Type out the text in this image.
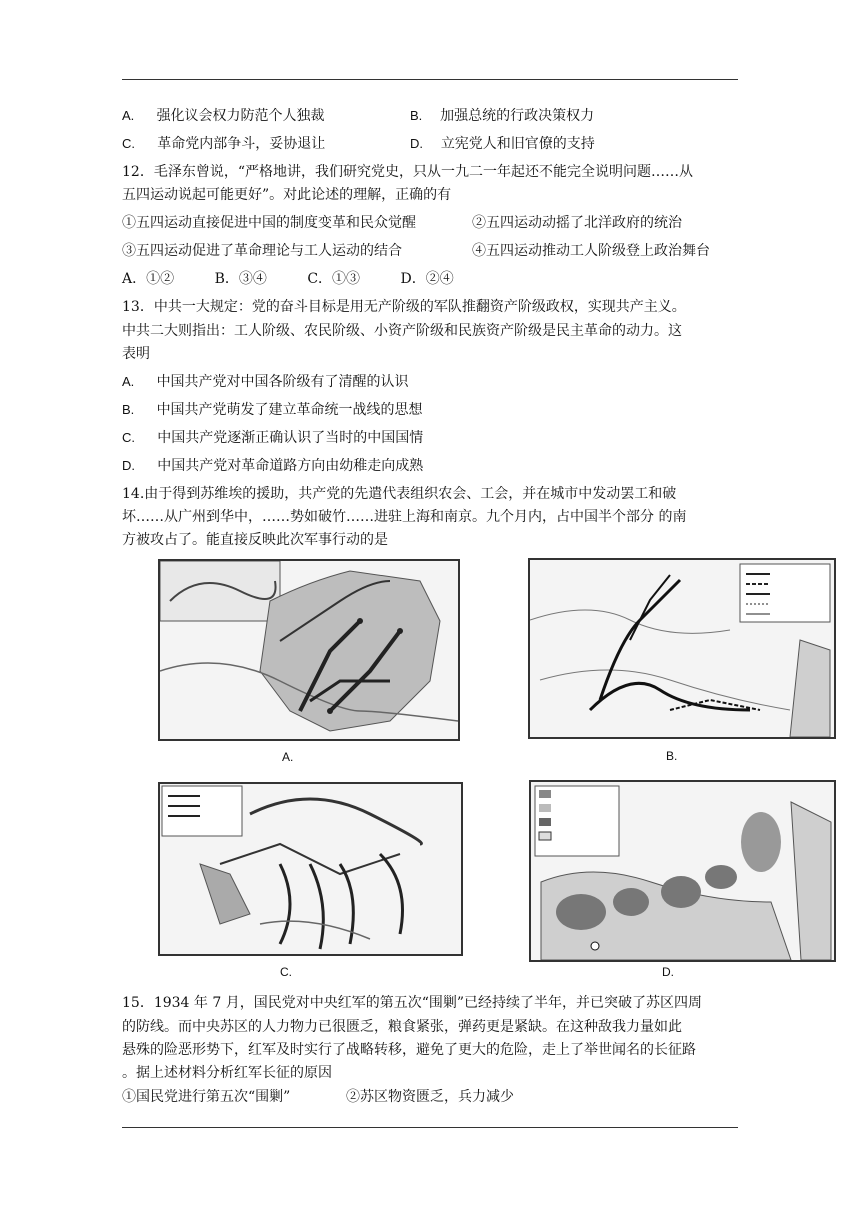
A. 强化议会权力防范个人独裁	B. 加强总统的行政决策权力
C. 革命党内部争斗，妥协退让	D. 立宪党人和旧官僚的支持
12．毛泽东曾说，“严格地讲，我们研究党史，只从一九二一年起还不能完全说明问题……从
五四运动说起可能更好”。对此论述的理解，正确的有
①五四运动直接促进中国的制度变革和民众觉醒	②五四运动动摇了北洋政府的统治
③五四运动促进了革命理论与工人运动的结合	④五四运动推动工人阶级登上政治舞台
A．①②	B．③④	C．①③	D．②④
13．中共一大规定：党的奋斗目标是用无产阶级的军队推翻资产阶级政权，实现共产主义。
中共二大则指出：工人阶级、农民阶级、小资产阶级和民族资产阶级是民主革命的动力。这
表明
A. 中国共产党对中国各阶级有了清醒的认识
B. 中国共产党萌发了建立革命统一战线的思想
C. 中国共产党逐渐正确认识了当时的中国国情
D. 中国共产党对革命道路方向由幼稚走向成熟
14.由于得到苏维埃的援助，共产党的先遣代表组织农会、工会，并在城市中发动罢工和破
坏……从广州到华中，……势如破竹……进驻上海和南京。九个月内，占中国半个部分 的南
方被攻占了。能直接反映此次军事行动的是
A.	B.
C.	D.
15．1934 年 7 月，国民党对中央红军的第五次“围剿”已经持续了半年，并已突破了苏区四周
的防线。而中央苏区的人力物力已很匮乏，粮食紧张，弹药更是紧缺。在这种敌我力量如此
悬殊的险恶形势下，红军及时实行了战略转移，避免了更大的危险，走上了举世闻名的长征路
。据上述材料分析红军长征的原因
①国民党进行第五次“围剿”	②苏区物资匮乏，兵力减少
